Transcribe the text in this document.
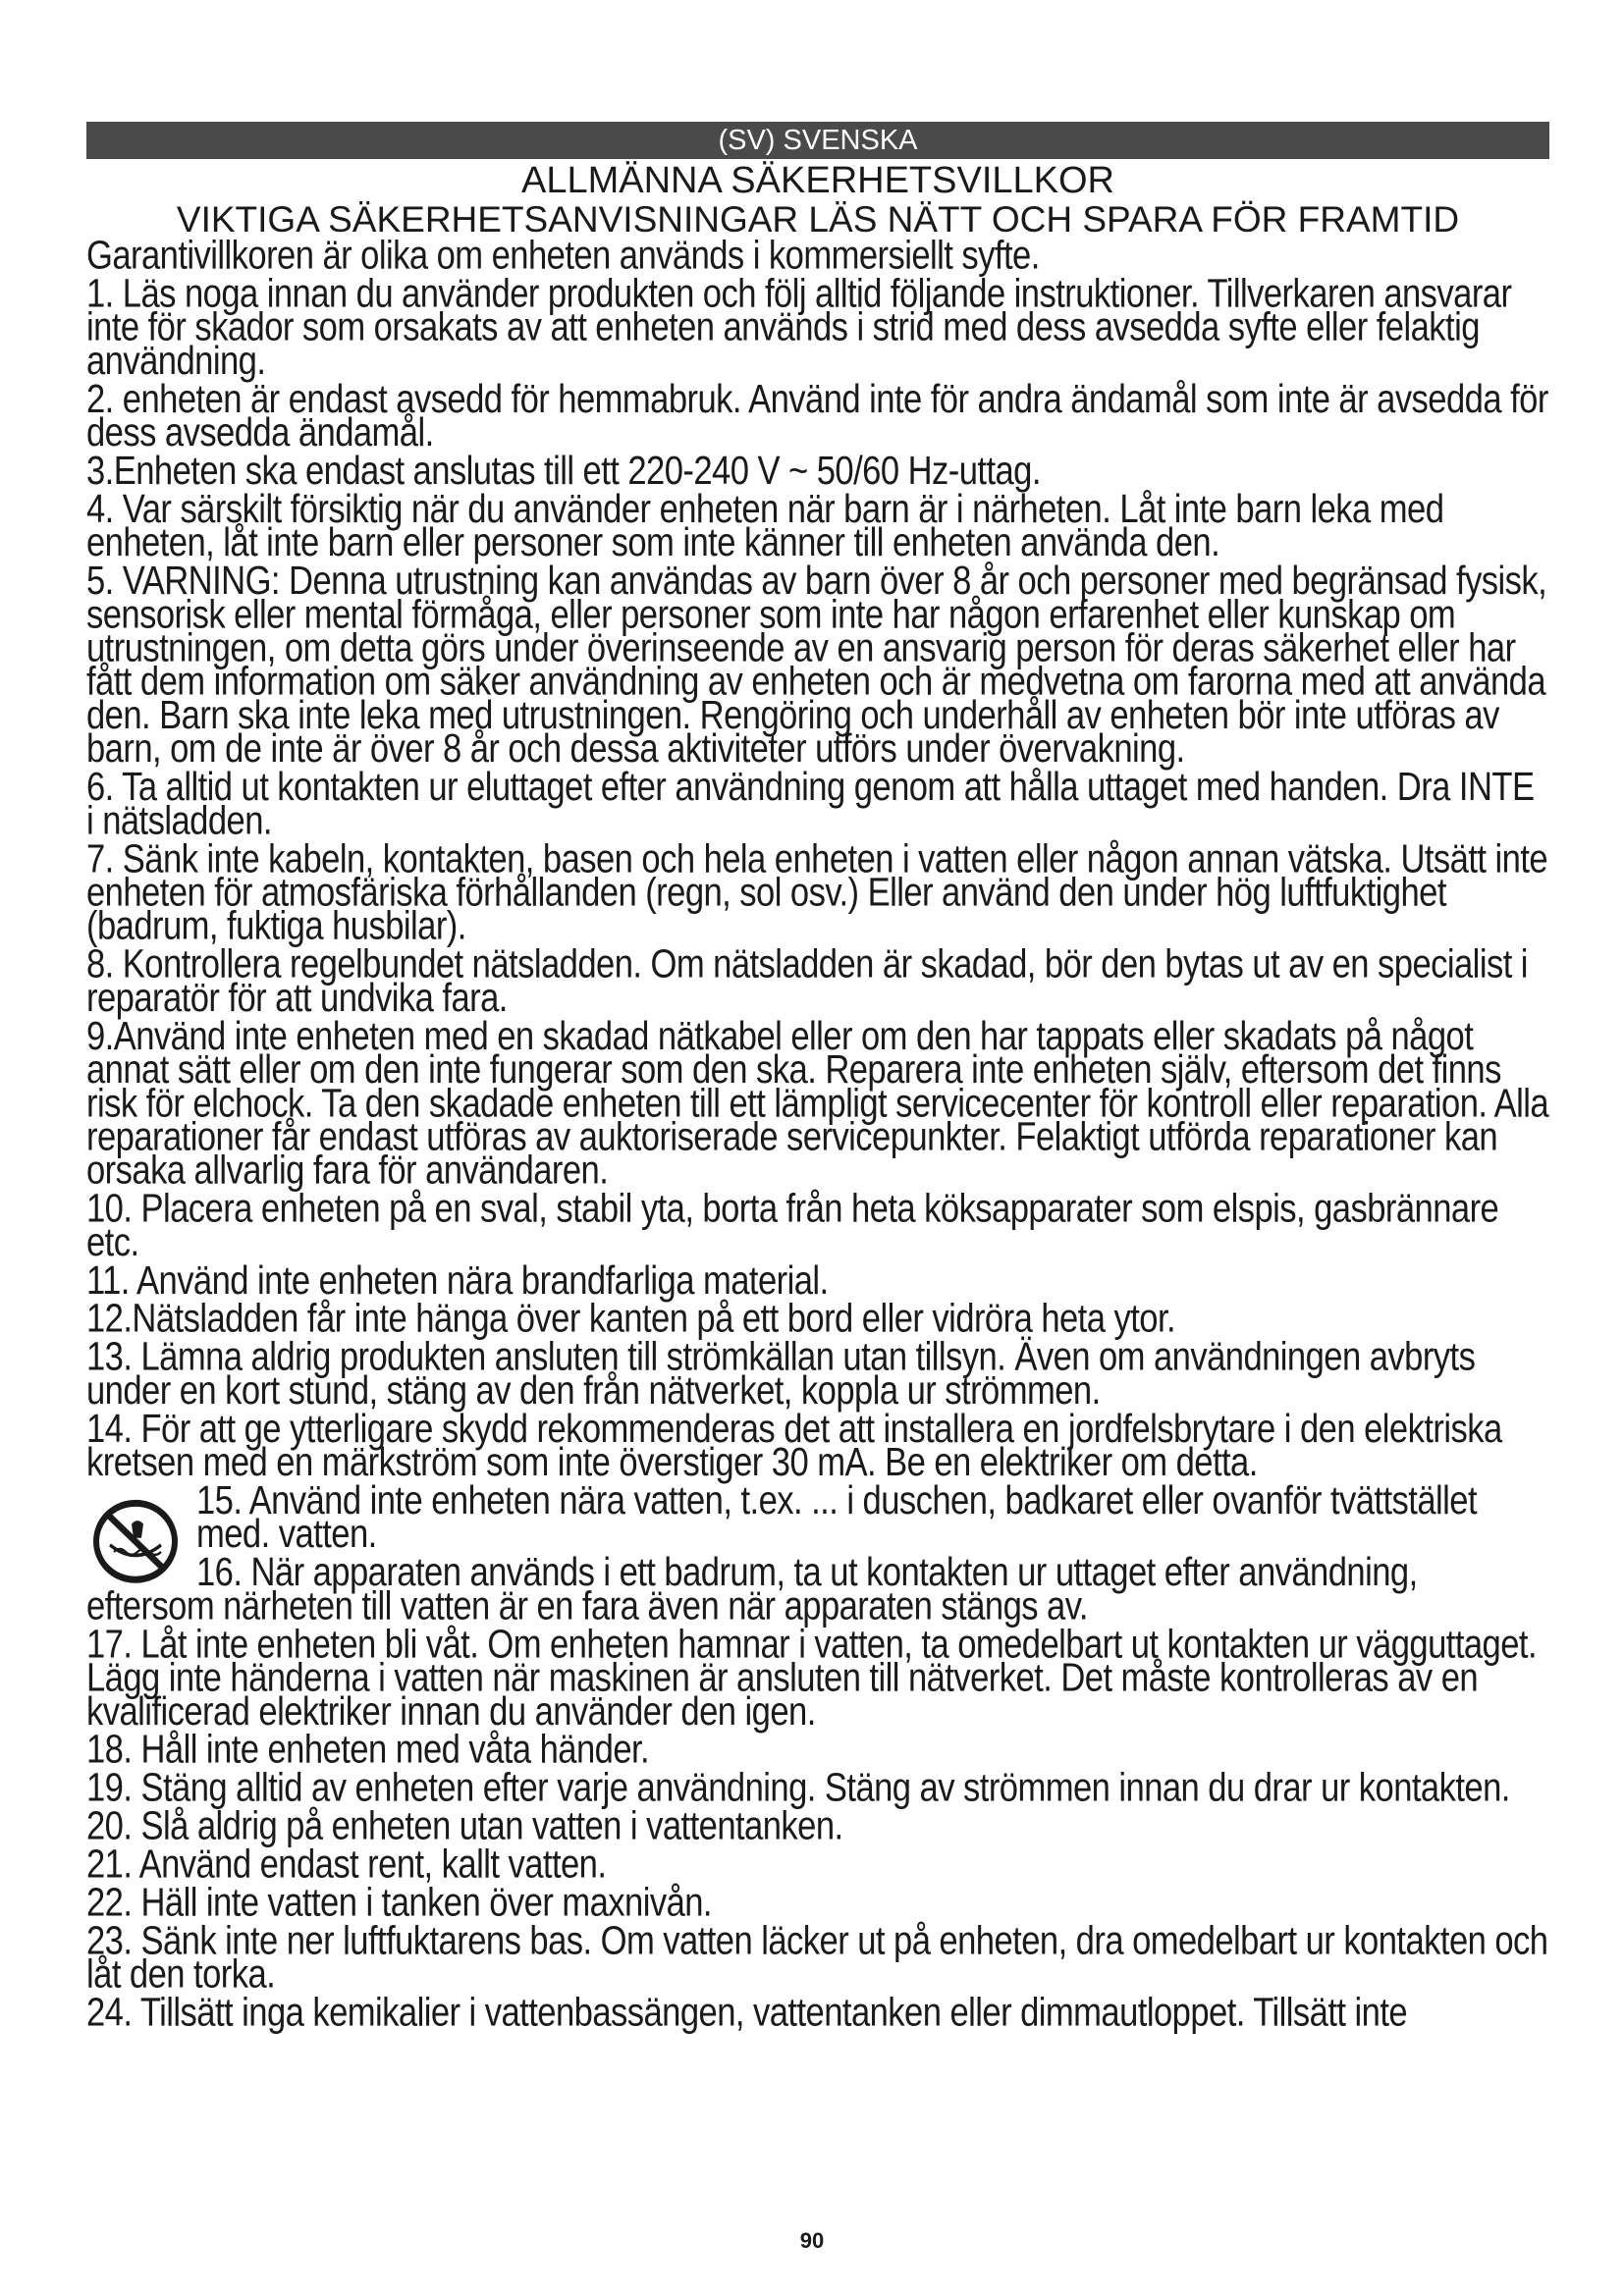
(SV) SVENSKA
ALLMÄNNA SÄKERHETSVILLKOR
VIKTIGA SÄKERHETSANVISNINGAR LÄS NÄTT OCH SPARA FÖR FRAMTID

Garantivillkoren är olika om enheten används i kommersiellt syfte.

1. Läs noga innan du använder produkten och följ alltid följande instruktioner. Tillverkaren ansvarar inte för skador som orsakats av att enheten används i strid med dess avsedda syfte eller felaktig användning.

2. enheten är endast avsedd för hemmabruk. Använd inte för andra ändamål som inte är avsedda för dess avsedda ändamål.

3.Enheten ska endast anslutas till ett 220-240 V ~ 50/60 Hz-uttag.

4. Var särskilt försiktig när du använder enheten när barn är i närheten. Låt inte barn leka med enheten, låt inte barn eller personer som inte känner till enheten använda den.

5. VARNING: Denna utrustning kan användas av barn över 8 år och personer med begränsad fysisk, sensorisk eller mental förmåga, eller personer som inte har någon erfarenhet eller kunskap om utrustningen, om detta görs under överinseende av en ansvarig person för deras säkerhet eller har fått dem information om säker användning av enheten och är medvetna om farorna med att använda den. Barn ska inte leka med utrustningen. Rengöring och underhåll av enheten bör inte utföras av barn, om de inte är över 8 år och dessa aktiviteter utförs under övervakning.

6. Ta alltid ut kontakten ur eluttaget efter användning genom att hålla uttaget med handen. Dra INTE i nätsladden.

7. Sänk inte kabeln, kontakten, basen och hela enheten i vatten eller någon annan vätska. Utsätt inte enheten för atmosfäriska förhållanden (regn, sol osv.) Eller använd den under hög luftfuktighet (badrum, fuktiga husbilar).

8. Kontrollera regelbundet nätsladden. Om nätsladden är skadad, bör den bytas ut av en specialist i reparatör för att undvika fara.

9.Använd inte enheten med en skadad nätkabel eller om den har tappats eller skadats på något annat sätt eller om den inte fungerar som den ska. Reparera inte enheten själv, eftersom det finns risk för elchock. Ta den skadade enheten till ett lämpligt servicecenter för kontroll eller reparation. Alla reparationer får endast utföras av auktoriserade servicepunkter. Felaktigt utförda reparationer kan orsaka allvarlig fara för användaren.

10. Placera enheten på en sval, stabil yta, borta från heta köksapparater som elspis, gasbrännare etc.

11. Använd inte enheten nära brandfarliga material.

12.Nätsladden får inte hänga över kanten på ett bord eller vidröra heta ytor.

13. Lämna aldrig produkten ansluten till strömkällan utan tillsyn. Även om användningen avbryts under en kort stund, stäng av den från nätverket, koppla ur strömmen.

14. För att ge ytterligare skydd rekommenderas det att installera en jordfelsbrytare i den elektriska kretsen med en märkström som inte överstiger 30 mA. Be en elektriker om detta.

15. Använd inte enheten nära vatten, t.ex. ... i duschen, badkaret eller ovanför tvättstället med. vatten.

16. När apparaten används i ett badrum, ta ut kontakten ur uttaget efter användning,

eftersom närheten till vatten är en fara även när apparaten stängs av.

17. Låt inte enheten bli våt. Om enheten hamnar i vatten, ta omedelbart ut kontakten ur vägguttaget. Lägg inte händerna i vatten när maskinen är ansluten till nätverket. Det måste kontrolleras av en kvalificerad elektriker innan du använder den igen.

18. Håll inte enheten med våta händer.

19. Stäng alltid av enheten efter varje användning. Stäng av strömmen innan du drar ur kontakten.

20. Slå aldrig på enheten utan vatten i vattentanken.

21. Använd endast rent, kallt vatten.

22. Häll inte vatten i tanken över maxnivån.

23. Sänk inte ner luftfuktarens bas. Om vatten läcker ut på enheten, dra omedelbart ur kontakten och låt den torka.

24. Tillsätt inga kemikalier i vattenbassängen, vattentanken eller dimmautloppet. Tillsätt inte

90
